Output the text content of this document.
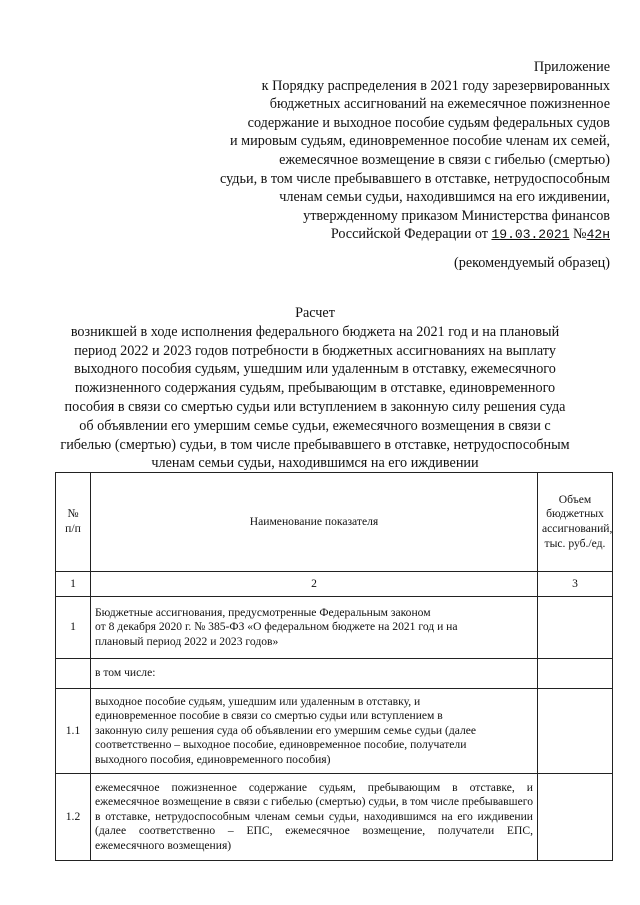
Приложение
к Порядку распределения в 2021 году зарезервированных
бюджетных ассигнований на ежемесячное пожизненное
содержание и выходное пособие судьям федеральных судов
и мировым судьям, единовременное пособие членам их семей,
ежемесячное возмещение в связи с гибелью (смертью)
судьи, в том числе пребывавшего в отставке, нетрудоспособным
членам семьи судьи, находившимся на его иждивении,
утвержденному приказом Министерства финансов
Российской Федерации от 19.03.2021 №42н
(рекомендуемый образец)
Расчет
возникшей в ходе исполнения федерального бюджета на 2021 год и на плановый
период 2022 и 2023 годов потребности в бюджетных ассигнованиях на выплату
выходного пособия судьям, ушедшим или удаленным в отставку, ежемесячного
пожизненного содержания судьям, пребывающим в отставке, единовременного
пособия в связи со смертью судьи или вступлением в законную силу решения суда
об объявлении его умершим семье судьи, ежемесячного возмещения в связи с
гибелью (смертью) судьи, в том числе пребывавшего в отставке, нетрудоспособным
членам семьи судьи, находившимся на его иждивении
№
п/п	Наименование показателя	Объем
бюджетных
ассигнований,
тыс. руб./ед.
1	2	3
1	Бюджетные ассигнования, предусмотренные Федеральным законом
от 8 декабря 2020 г. № 385-ФЗ «О федеральном бюджете на 2021 год и на
плановый период 2022 и 2023 годов»	

	в том числе:	

1.1	выходное пособие судьям, ушедшим или удаленным в отставку, и
единовременное пособие в связи со смертью судьи или вступлением в
законную силу решения суда об объявлении его умершим семье судьи (далее
соответственно – выходное пособие, единовременное пособие, получатели
выходного пособия, единовременного пособия)	

1.2	ежемесячное пожизненное содержание судьям, пребывающим в отставке, и ежемесячное возмещение в связи с гибелью (смертью) судьи, в том числе пребывавшего в отставке, нетрудоспособным членам семьи судьи, находившимся на его иждивении (далее соответственно – ЕПС, ежемесячное возмещение, получатели ЕПС, ежемесячного возмещения)	
